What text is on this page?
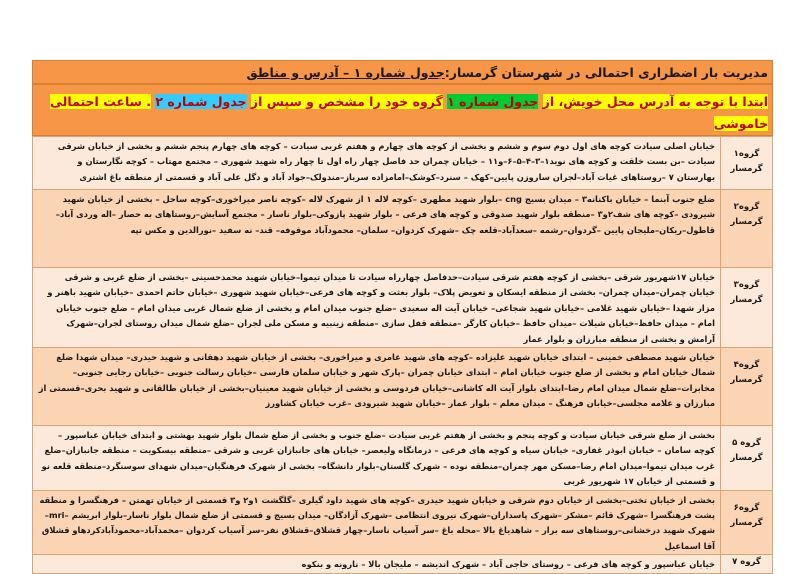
مدیریت بار اضطراری احتمالی در شهرستان گرمسار:جدول شماره ۱ – آدرس و مناطق
ابتدا با توجه به آدرس محل خویش، از جدول شماره ۱ گروه خود را مشخص و سپس از جدول شماره ۲ . ساعت احتمالی خاموشی

گروه۱
گرمسار	خیابان اصلی سیادت کوچه های اول دوم سوم و ششم و بخشی از کوچه های چهارم و هفتم غربی سیادت – کوچه های چهارم پنجم ششم و بخشی از خیابان شرقی سیادت –بن بست خلقت و کوچه های نوید۱–۳–۴–۵–۶–و۱۱ – خیابان چمران حد فاصل چهار راه اول تا چهار راه شهید شهوری – مجتمع مهتاب – کوچه نگارستان و بهارستان ۷ –روستاهای غیات آباد–لجران ساروزن پایین–کهک – سنرد–کوشک–امامزاده سرباز–مندولک–جواد آباد و دگل علی آباد و قسمتی از منطقه باغ اشتری

گروه۲
گرمسار	ضلع جنوب آبنما – خیابان باکنانه۳ – میدان بسیج cng –بلوار شهید مطهری –کوچه لاله ۱ از شهرک لاله –کوچه ناصر میراخوری–کوچه ساحل – بخشی از خیابان شهید شیرودی –کوچه های شف۲و۳ –منطقه بلوار شهید صدوقی و کوچه های فرعی – بلوار شهید پازوکی–بلوار ناسار – مجتمع آسایش–روستاهای به حصار –اله وردی آباد– قاطول–ریکان–ملیجان پایین –گردوان–رشمه –سعدآباد–قلعه چک –شهرک کردوان– سلمان– محمودآباد موقوفه– قند– نه سفید –نورالدین و مکس تپه

گروه۳
گرمسار	خیابان ۱۷شهریور شرقی –بخشی از کوچه هفتم شرقی سیادت–حدفاصل چهارراه سیادت تا میدان تیموا–خیابان شهید محمدحسینی –بخشی از ضلع غربی و شرقی خیابان چمران–میدان چمران– بخشی از منطقه ایسکان و تعویض پلاک– بلوار بعثت و کوچه های فرعی–خیابان شهید شهوری –خیابان حاتم احمدی –خیابان شهید باهنر و مزار شهدا –خیابان شهید غلامی –خیابان شهید شجاعی– خیابان آیت اله سعیدی –ضلع جنوب میدان امام و بخشی از ضلع شمال غربی میدان امام – ضلع جنوب خیابان امام – میدان حافظ–خیابان شیلات –میدان حافظ –خیابان کارگر –منطقه قفل سازی –منطقه زینبیه و مسکن ملی لجران –ضلع شمال میدان روستای لجران–شهرک آرامش و بخشی از منطقه مبارزان و بلوار عمار

گروه۴
گرمسار	خیابان شهید مصطفی خمینی – ابتدای خیابان شهید علیزاده –کوچه های شهید عامری و میراخوری– بخشی از خیابان شهید دهقانی و شهید حیدری– میدان شهدا ضلع شمال خیابان امام و بخشی از ضلع جنوب خیابان امام – ابتدای خیابان چمران –پارک شهر و خیابان سلمان فارسی –خیابان رسالت جنوبی –خیابان رجایی جنوبی–مخابرات–ضلع شمال میدان امام رضا–ابتدای بلوار آیت اله کاشانی–خیابان فردوسی و بخشی از خیابان شهید معینیان–بخشی از خیابان طالقانی و شهید بحری–قسمتی از مبارزان و علامه مجلسی–خیابان فرهنگ – میدان معلم – بلوار عمار –خیابان شهید شیرودی –غرب خیابان کشاورز

گروه ۵
گرمسار	بخشی از ضلع شرقی خیابان سیادت و کوچه پنجم و بخشی از هفتم غربی سیادت –ضلع جنوب و بخشی از ضلع شمال بلوار شهید بهشتی و ابتدای خیابان عباسپور – کوچه سامان – خیابان ابوذر غفاری– خیابان سیاه و کوچه های فرعی – درمانگاه ولیعصر– خیابان های جانبازان غربی و شرقی –منطقه بیسکویت – منطقه جانبازان–ضلع غرب میدان تیموا–میدان امام رضا–مسکن مهر چمران–منطقه نوده – شهرک گلستان–بلوار دانشگاه– بخشی از شهرک فرهنگیان–میدان شهدای سوسنگرد–منطقه قلعه نو و قسمتی از خیابان ۱۷ شهریور غربی

گروه۶
گرمسار	بخشی از خیابان تختی–بخشی از خیابان دوم شرقی و خیابان شهید حیدری –کوچه های شهید داود گیلری –گلگشت ۱و۲ و۳ قسمتی از خیابان تهمتن – فرهنگسرا و منطقه پشت فرهنگسرا –شهرک قائم –مشکر –شهرک پاسداران–شهرک نیروی انتظامی –شهرک آزادگان– میدان بسیج و قسمتی از ضلع شمال بلوار ناسار–بلوار ابریشم –mri–شهرک شهید درخشانی–روستاهای سه برار – شاهدیاغ بالا –محله باغ –سر آسیاب ناسار–چهار قشلاق–قشلاق نفر–سر آسیاب کردوان –محمدآباد–محمودآبادکردهاو قشلاق آقا اسماعیل

گروه ۷	خیابان عباسپور و کوچه های فرعی – روستای حاجی آباد – شهرک اندیشه – ملیجان بالا – نارونه و بنکوه
